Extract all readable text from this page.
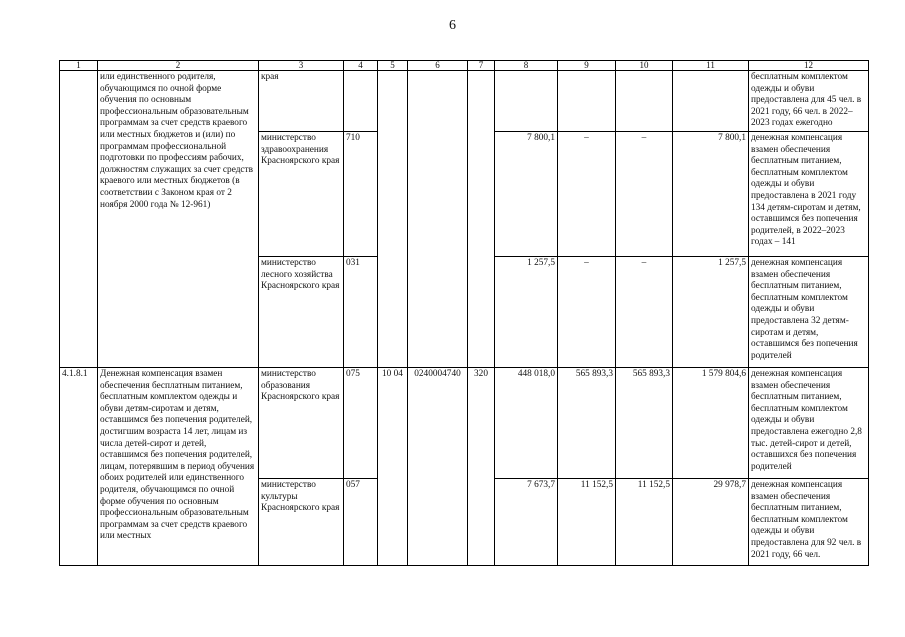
6
1	2	3	4	5	6	7	8	9	10	11	12
	или единственного родителя, обучающимся по очной форме обучения по основным профессиональным образовательным программам за счет средств краевого или местных бюджетов и (или) по программам профессиональной подготовки по профессиям рабочих, должностям служащих за счет средств краевого или местных бюджетов (в соответствии с Законом края от 2 ноября 2000 года № 12-961)	края									бесплатным комплектом одежды и обуви предоставлена для 45 чел. в 2021 году, 66 чел. в 2022–2023 годах ежегодно
		министерство здравоохранения Красноярского края	710				7 800,1	–	–	7 800,1	денежная компенсация взамен обеспечения бесплатным питанием, бесплатным комплектом одежды и обуви предоставлена в 2021 году 134 детям-сиротам и детям, оставшимся без попечения родителей, в 2022–2023 годах – 141
		министерство лесного хозяйства Красноярского края	031				1 257,5	–	–	1 257,5	денежная компенсация взамен обеспечения бесплатным питанием, бесплатным комплектом одежды и обуви предоставлена 32 детям-сиротам и детям, оставшимся без попечения родителей
4.1.8.1	Денежная компенсация взамен обеспечения бесплатным питанием, бесплатным комплектом одежды и обуви детям-сиротам и детям, оставшимся без попечения родителей, достигшим возраста 14 лет, лицам из числа детей-сирот и детей, оставшимся без попечения родителей, лицам, потерявшим в период обучения обоих родителей или единственного родителя, обучающимся по очной форме обучения по основным профессиональным образовательным программам за счет средств краевого или местных	министерство образования Красноярского края	075	10 04	0240004740	320	448 018,0	565 893,3	565 893,3	1 579 804,6	денежная компенсация взамен обеспечения бесплатным питанием, бесплатным комплектом одежды и обуви предоставлена ежегодно 2,8 тыс. детей-сирот и детей, оставшихся без попечения родителей
		министерство культуры Красноярского края	057				7 673,7	11 152,5	11 152,5	29 978,7	денежная компенсация взамен обеспечения бесплатным питанием, бесплатным комплектом одежды и обуви предоставлена для 92 чел. в 2021 году, 66 чел.
